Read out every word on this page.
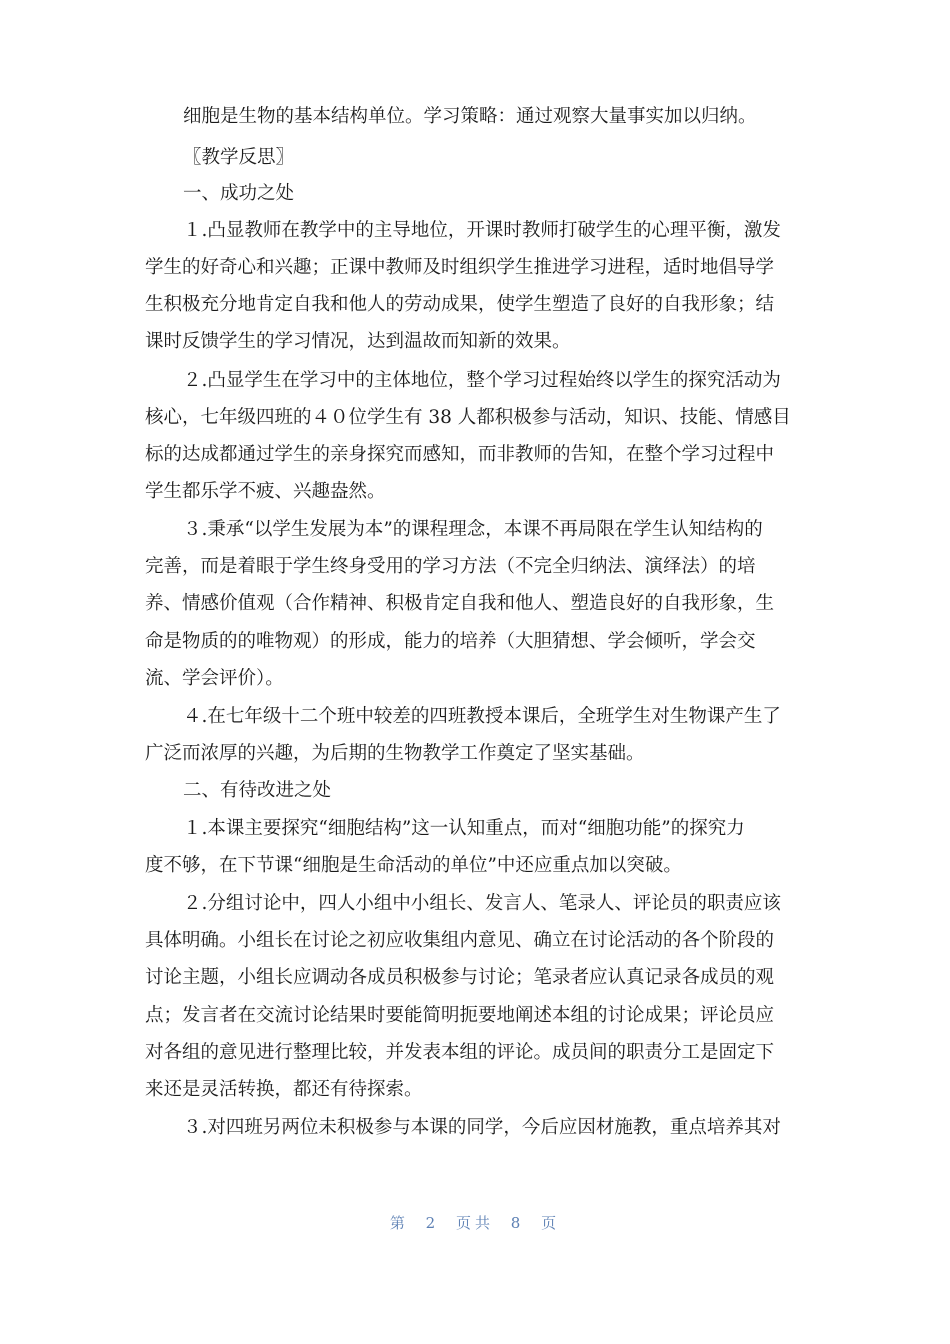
细胞是生物的基本结构单位。学习策略：通过观察大量事实加以归纳。

〖教学反思〗

一、成功之处

１.凸显教师在教学中的主导地位，开课时教师打破学生的心理平衡，激发

学生的好奇心和兴趣；正课中教师及时组织学生推进学习进程，适时地倡导学

生积极充分地肯定自我和他人的劳动成果，使学生塑造了良好的自我形象；结

课时反馈学生的学习情况，达到温故而知新的效果。

２.凸显学生在学习中的主体地位，整个学习过程始终以学生的探究活动为

核心，七年级四班的４０位学生有 38 人都积极参与活动，知识、技能、情感目

标的达成都通过学生的亲身探究而感知，而非教师的告知，在整个学习过程中

学生都乐学不疲、兴趣盎然。

３.秉承“以学生发展为本”的课程理念，本课不再局限在学生认知结构的

完善，而是着眼于学生终身受用的学习方法（不完全归纳法、演绎法）的培

养、情感价值观（合作精神、积极肯定自我和他人、塑造良好的自我形象，生

命是物质的的唯物观）的形成，能力的培养（大胆猜想、学会倾听，学会交

流、学会评价）。

４.在七年级十二个班中较差的四班教授本课后，全班学生对生物课产生了

广泛而浓厚的兴趣，为后期的生物教学工作奠定了坚实基础。

二、有待改进之处

１.本课主要探究“细胞结构”这一认知重点，而对“细胞功能”的探究力

度不够，在下节课“细胞是生命活动的单位”中还应重点加以突破。

２.分组讨论中，四人小组中小组长、发言人、笔录人、评论员的职责应该

具体明确。小组长在讨论之初应收集组内意见、确立在讨论活动的各个阶段的

讨论主题，小组长应调动各成员积极参与讨论；笔录者应认真记录各成员的观

点；发言者在交流讨论结果时要能简明扼要地阐述本组的讨论成果；评论员应

对各组的意见进行整理比较，并发表本组的评论。成员间的职责分工是固定下

来还是灵活转换，都还有待探索。

３.对四班另两位未积极参与本课的同学，今后应因材施教，重点培养其对

第 2 页共 8 页
